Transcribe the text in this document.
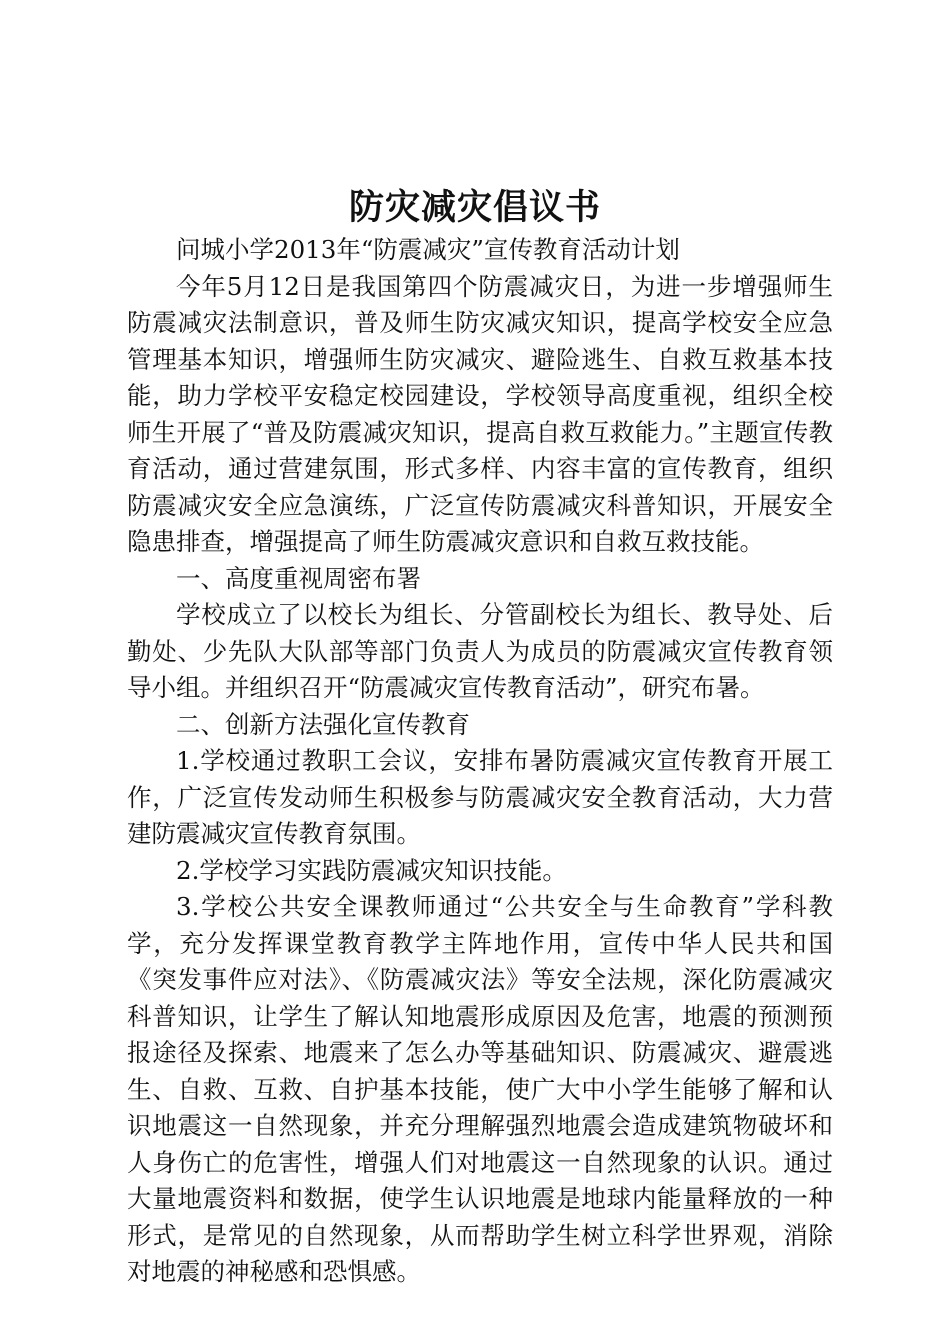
防灾减灾倡议书

问城小学2013年“防震减灾”宣传教育活动计划

今年5月12日是我国第四个防震减灾日，为进一步增强师生防震减灾法制意识，普及师生防灾减灾知识，提高学校安全应急管理基本知识，增强师生防灾减灾、避险逃生、自救互救基本技能，助力学校平安稳定校园建设，学校领导高度重视，组织全校师生开展了“普及防震减灾知识，提高自救互救能力。”主题宣传教育活动，通过营建氛围，形式多样、内容丰富的宣传教育，组织防震减灾安全应急演练，广泛宣传防震减灾科普知识，开展安全隐患排查，增强提高了师生防震减灾意识和自救互救技能。

一、高度重视周密布署

学校成立了以校长为组长、分管副校长为组长、教导处、后勤处、少先队大队部等部门负责人为成员的防震减灾宣传教育领导小组。并组织召开“防震减灾宣传教育活动”，研究布暑。

二、创新方法强化宣传教育

1.学校通过教职工会议，安排布暑防震减灾宣传教育开展工作，广泛宣传发动师生积极参与防震减灾安全教育活动，大力营建防震减灾宣传教育氛围。

2.学校学习实践防震减灾知识技能。

3.学校公共安全课教师通过“公共安全与生命教育”学科教学，充分发挥课堂教育教学主阵地作用，宣传中华人民共和国《突发事件应对法》、《防震减灾法》等安全法规，深化防震减灾科普知识，让学生了解认知地震形成原因及危害，地震的预测预报途径及探索、地震来了怎么办等基础知识、防震减灾、避震逃生、自救、互救、自护基本技能，使广大中小学生能够了解和认识地震这一自然现象，并充分理解强烈地震会造成建筑物破坏和人身伤亡的危害性，增强人们对地震这一自然现象的认识。通过大量地震资料和数据，使学生认识地震是地球内能量释放的一种形式，是常见的自然现象，从而帮助学生树立科学世界观，消除对地震的神秘感和恐惧感。
